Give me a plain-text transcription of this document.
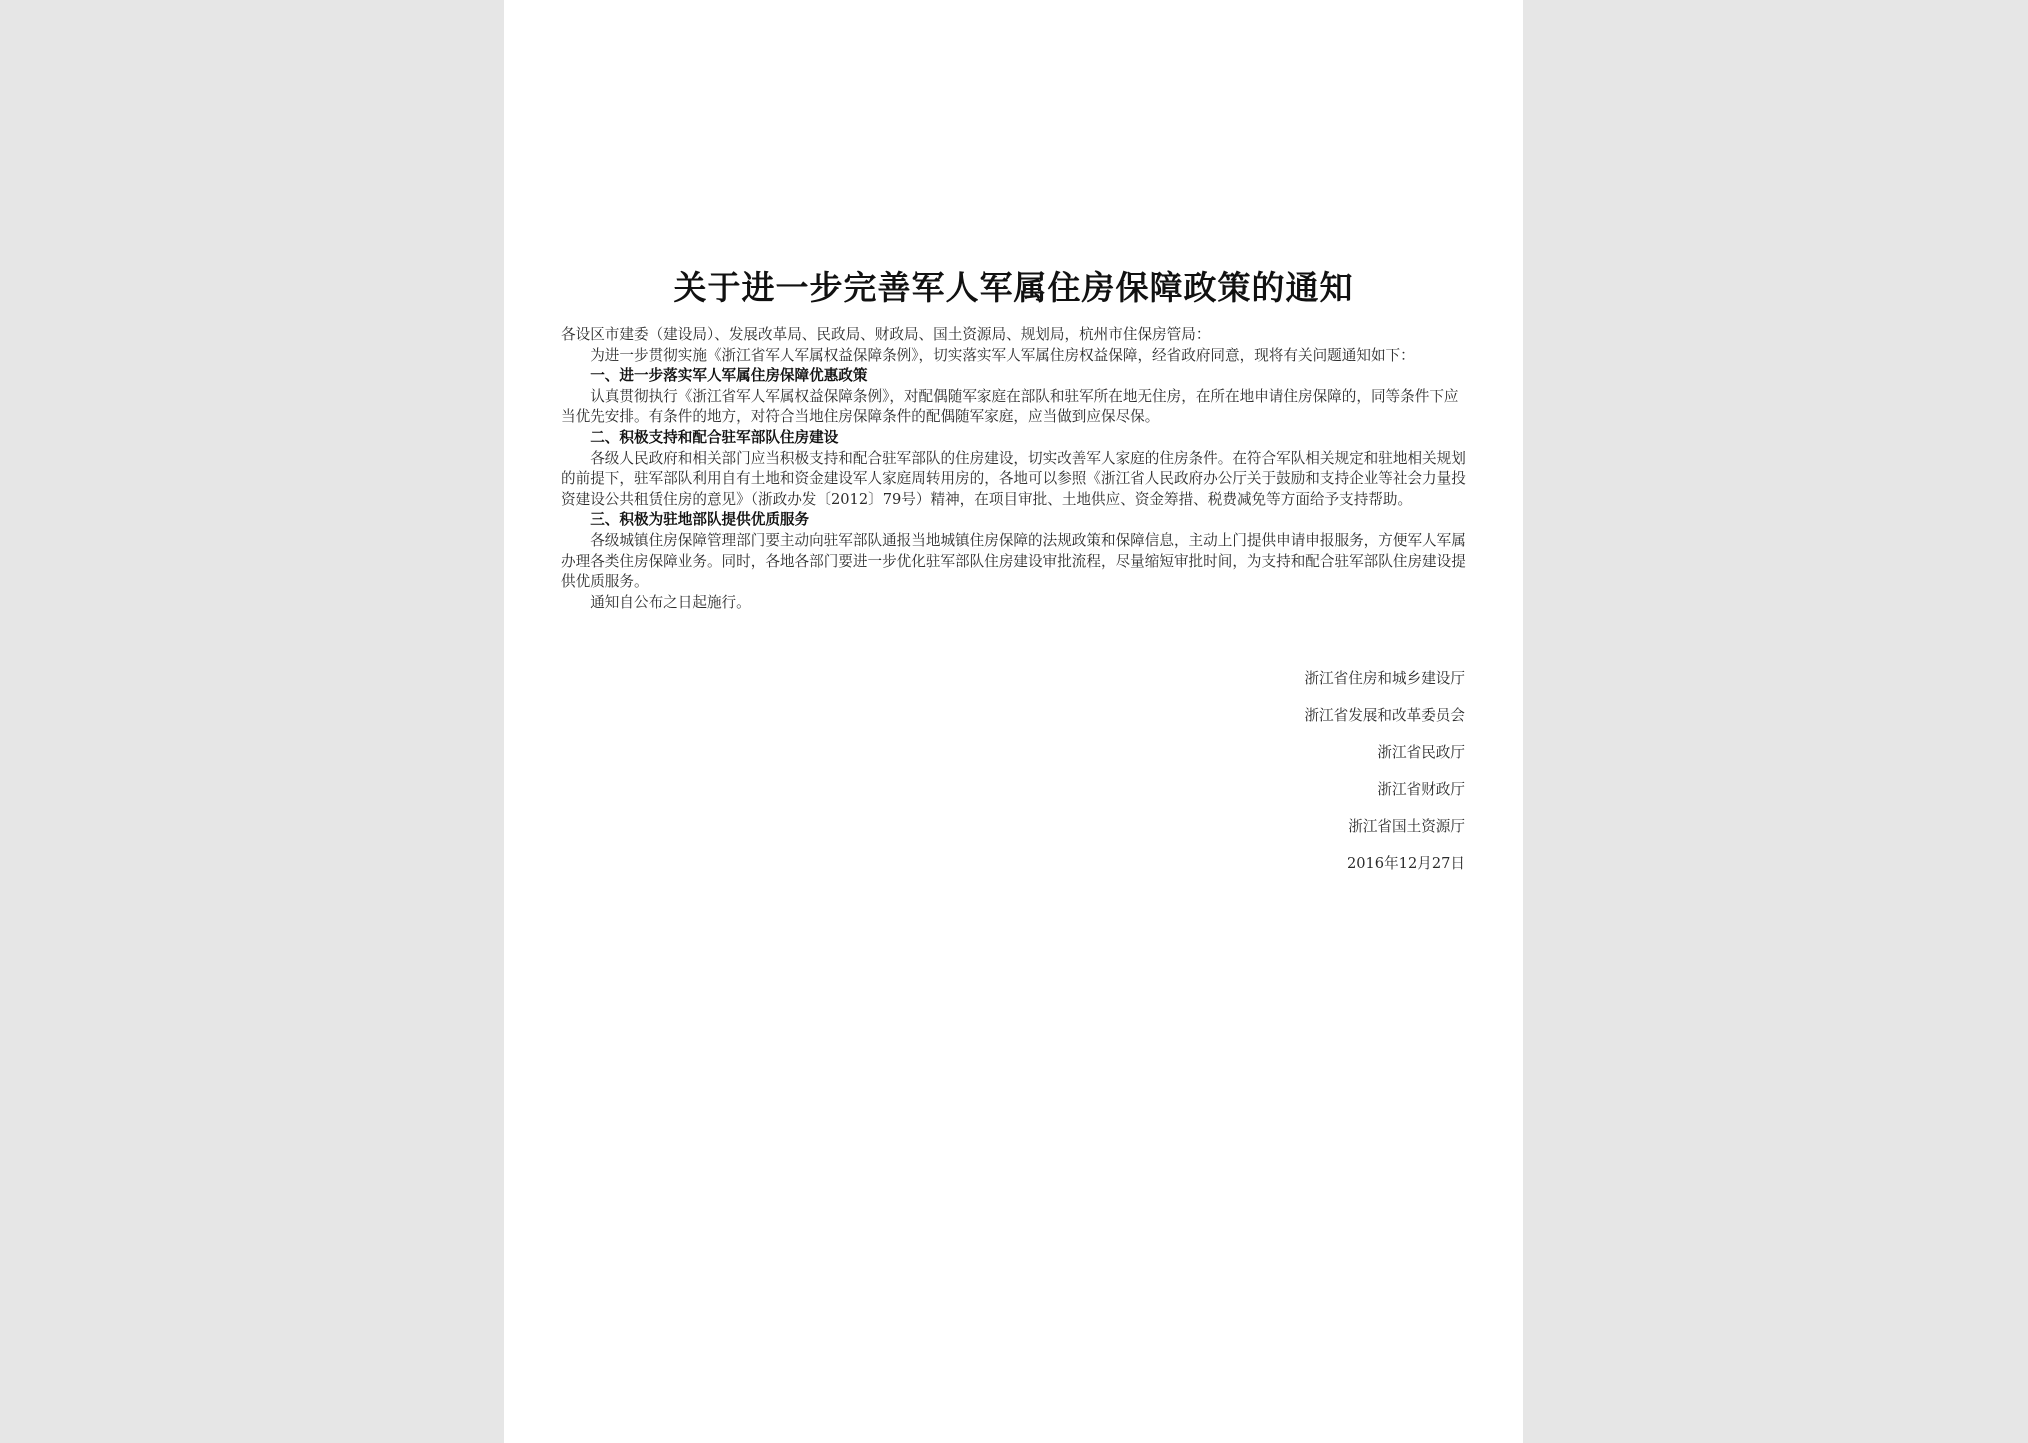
关于进一步完善军人军属住房保障政策的通知

各设区市建委（建设局）、发展改革局、民政局、财政局、国土资源局、规划局，杭州市住保房管局：

为进一步贯彻实施《浙江省军人军属权益保障条例》，切实落实军人军属住房权益保障，经省政府同意，现将有关问题通知如下：

一、进一步落实军人军属住房保障优惠政策

认真贯彻执行《浙江省军人军属权益保障条例》，对配偶随军家庭在部队和驻军所在地无住房，在所在地申请住房保障的，同等条件下应当优先安排。有条件的地方，对符合当地住房保障条件的配偶随军家庭，应当做到应保尽保。

二、积极支持和配合驻军部队住房建设

各级人民政府和相关部门应当积极支持和配合驻军部队的住房建设，切实改善军人家庭的住房条件。在符合军队相关规定和驻地相关规划的前提下，驻军部队利用自有土地和资金建设军人家庭周转用房的，各地可以参照《浙江省人民政府办公厅关于鼓励和支持企业等社会力量投资建设公共租赁住房的意见》（浙政办发〔2012〕79号）精神，在项目审批、土地供应、资金筹措、税费减免等方面给予支持帮助。

三、积极为驻地部队提供优质服务

各级城镇住房保障管理部门要主动向驻军部队通报当地城镇住房保障的法规政策和保障信息，主动上门提供申请申报服务，方便军人军属办理各类住房保障业务。同时，各地各部门要进一步优化驻军部队住房建设审批流程，尽量缩短审批时间，为支持和配合驻军部队住房建设提供优质服务。

通知自公布之日起施行。

浙江省住房和城乡建设厅
浙江省发展和改革委员会
浙江省民政厅
浙江省财政厅
浙江省国土资源厅
2016年12月27日
